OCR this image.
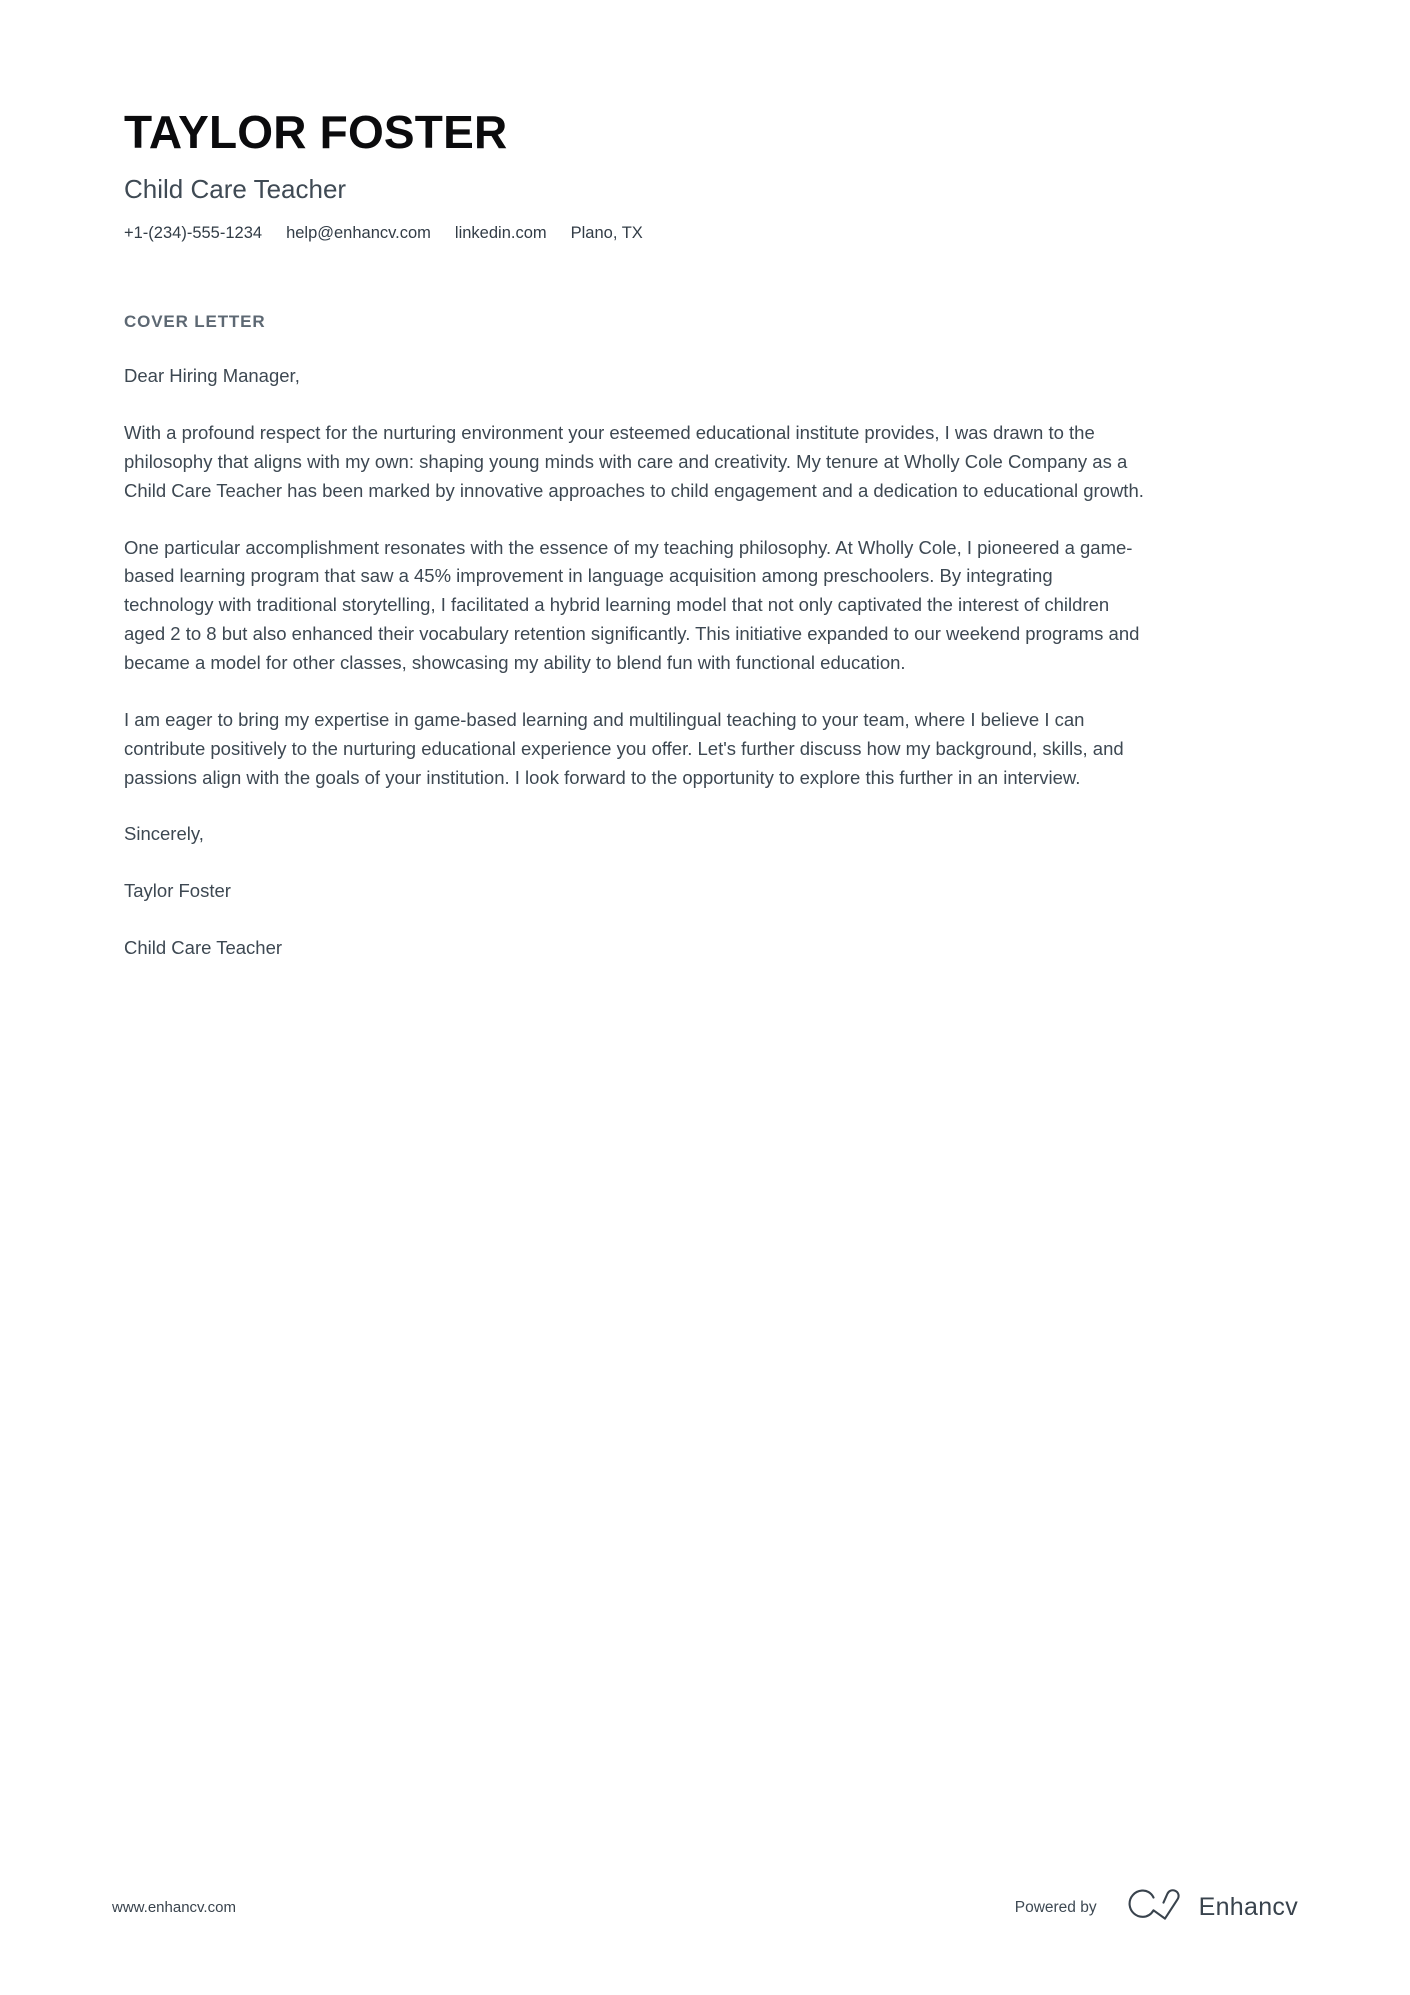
TAYLOR FOSTER
Child Care Teacher
+1-(234)-555-1234 help@enhancv.com linkedin.com Plano, TX
COVER LETTER

Dear Hiring Manager,

With a profound respect for the nurturing environment your esteemed educational institute provides, I was drawn to the philosophy that aligns with my own: shaping young minds with care and creativity. My tenure at Wholly Cole Company as a Child Care Teacher has been marked by innovative approaches to child engagement and a dedication to educational growth.

One particular accomplishment resonates with the essence of my teaching philosophy. At Wholly Cole, I pioneered a game-based learning program that saw a 45% improvement in language acquisition among preschoolers. By integrating technology with traditional storytelling, I facilitated a hybrid learning model that not only captivated the interest of children aged 2 to 8 but also enhanced their vocabulary retention significantly. This initiative expanded to our weekend programs and became a model for other classes, showcasing my ability to blend fun with functional education.

I am eager to bring my expertise in game-based learning and multilingual teaching to your team, where I believe I can contribute positively to the nurturing educational experience you offer. Let's further discuss how my background, skills, and passions align with the goals of your institution. I look forward to the opportunity to explore this further in an interview.

Sincerely,

Taylor Foster

Child Care Teacher

www.enhancv.com	Powered by	Enhancv
